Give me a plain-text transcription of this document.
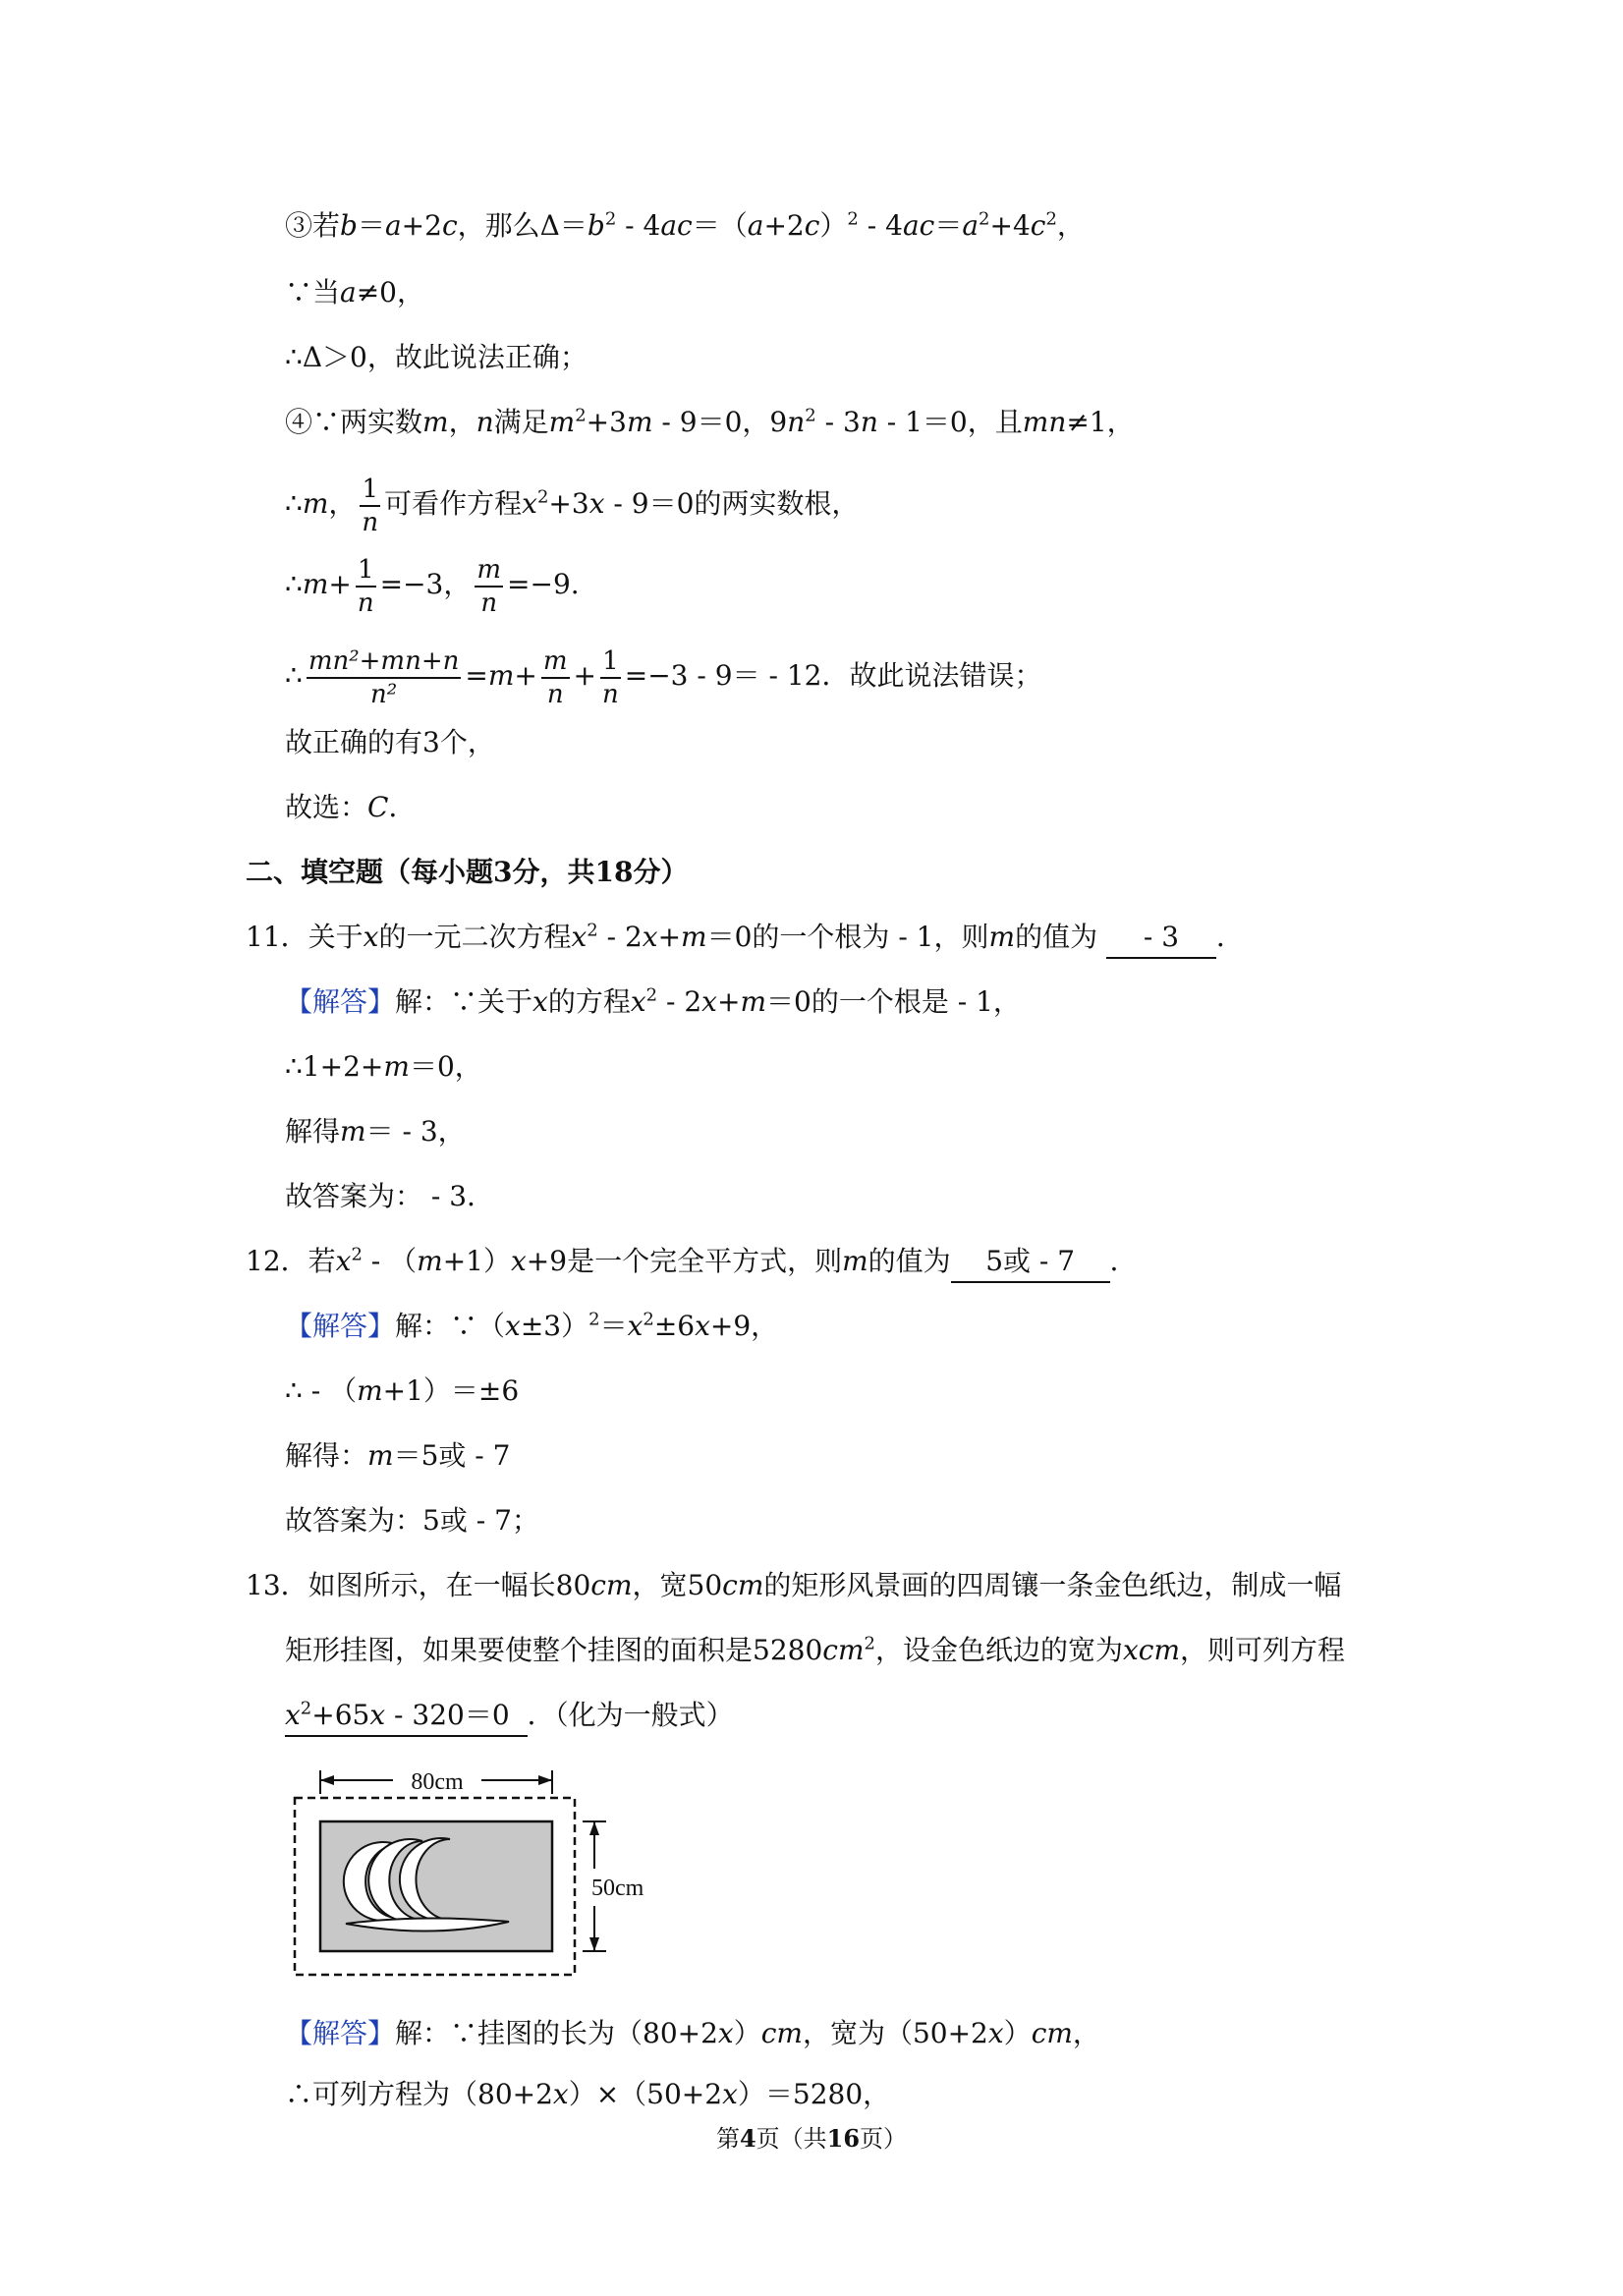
③若b＝a+2c，那么$\Delta=b^2 - 4ac=(a+2c)^2 - 4ac=a^2+4c^2$，
∵当a≠0，
∴Δ＞0，故此说法正确；
④∵两实数m，n满足$m^2+3m - 9=0$，$9n^2 - 3n - 1=0$，且mn≠1，
∴m， $\frac{1}{n}$ 可看作方程$x^2+3x - 9=0$的两实数根，
∴m+ $\frac{1}{n} =-3$， $\frac{m}{n} =-9$.
∴ $\frac{\text{mn²+mn+n}}{\text{n²}} =m+ \frac{m}{n} + \frac{1}{n} =-3 - 9= - 12$．故此说法错误；
故正确的有3个，
故选：C．
二、填空题（每小题3分，共18分）
11．关于x的一元二次方程$x^2 - 2x+m=0$的一个根为 - 1，则m的值为 - 3．
【解答】解：∵关于x的方程$x^2 - 2x+m=0$的一个根是 - 1，
∴1+2+m＝0，
解得m＝ - 3，
故答案为： - 3．
12．若$x^2 - (m+1)x+9$是一个完全平方式，则m的值为5或 - 7．
【解答】解：$\because(x\pm 3)^2=x^2\pm 6x+9$，
∴ - （m+1）＝±6
解得：m＝5或 - 7
故答案为：5或 - 7；
13．如图所示，在一幅长80cm，宽50cm的矩形风景画的四周镶一条金色纸边，制成一幅
矩形挂图，如果要使整个挂图的面积是$5280cm^2$，设金色纸边的宽为xcm，则可列方程
$x^2+65x - 320=0$ ．（化为一般式）
80cm
50cm
【解答】解：∵挂图的长为（80+2x）cm，宽为（50+2x）cm，
∴可列方程为（80+2x）×（50+2x）＝5280，
第4页（共16页）
